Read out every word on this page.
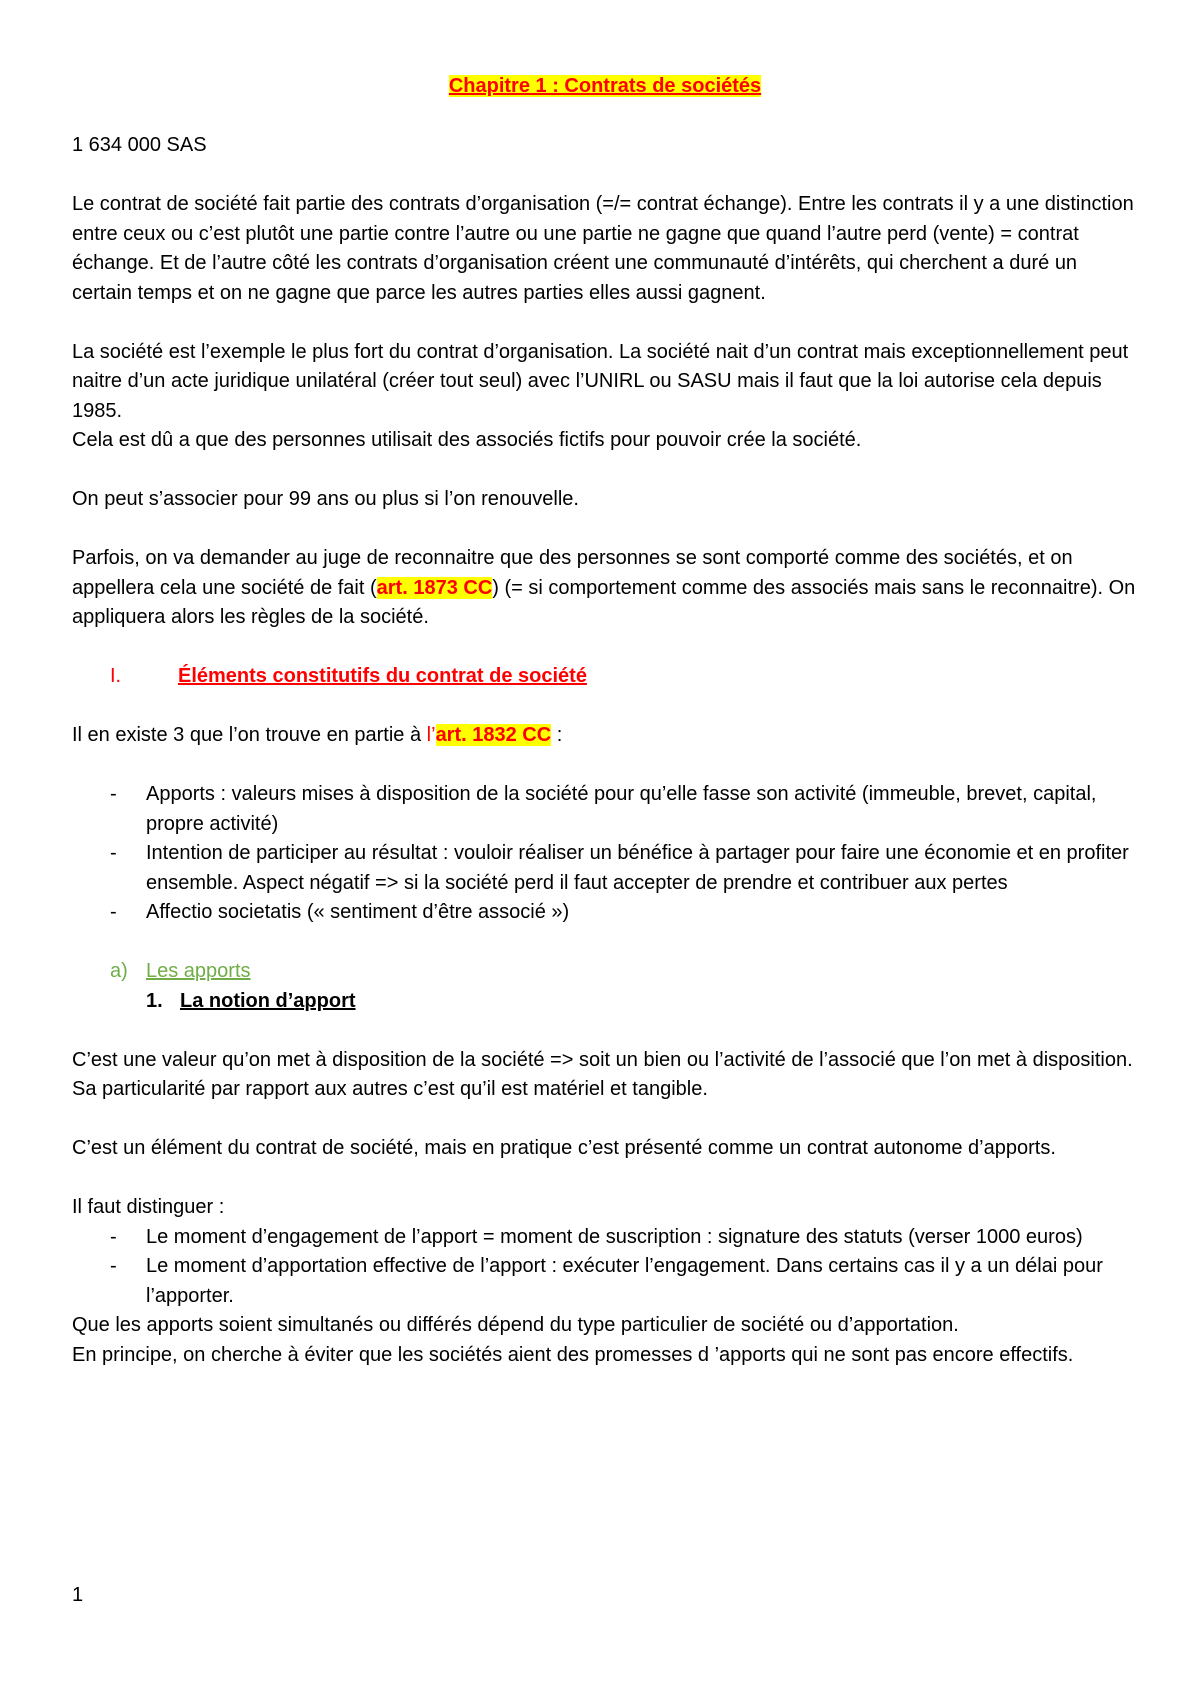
Chapitre 1 : Contrats de sociétés

1 634 000 SAS

Le contrat de société fait partie des contrats d’organisation (=/= contrat échange). Entre les contrats il y a une distinction entre ceux ou c’est plutôt une partie contre l’autre ou une partie ne gagne que quand l’autre perd (vente) = contrat échange. Et de l’autre côté les contrats d’organisation créent une communauté d’intérêts, qui cherchent a duré un certain temps et on ne gagne que parce les autres parties elles aussi gagnent.

La société est l’exemple le plus fort du contrat d’organisation. La société nait d’un contrat mais exceptionnellement peut naitre d’un acte juridique unilatéral (créer tout seul) avec l’UNIRL ou SASU mais il faut que la loi autorise cela depuis 1985.

Cela est dû a que des personnes utilisait des associés fictifs pour pouvoir crée la société.

On peut s’associer pour 99 ans ou plus si l’on renouvelle.

Parfois, on va demander au juge de reconnaitre que des personnes se sont comporté comme des sociétés, et on appellera cela une société de fait (art. 1873 CC) (= si comportement comme des associés mais sans le reconnaitre). On appliquera alors les règles de la société.

I.	Éléments constitutifs du contrat de société

Il en existe 3 que l’on trouve en partie à l’art. 1832 CC :

- Apports : valeurs mises à disposition de la société pour qu’elle fasse son activité (immeuble, brevet, capital, propre activité)
- Intention de participer au résultat : vouloir réaliser un bénéfice à partager pour faire une économie et en profiter ensemble. Aspect négatif => si la société perd il faut accepter de prendre et contribuer aux pertes
- Affectio societatis (« sentiment d’être associé »)

a) Les apports

1. La notion d’apport

C’est une valeur qu’on met à disposition de la société => soit un bien ou l’activité de l’associé que l’on met à disposition.

Sa particularité par rapport aux autres c’est qu’il est matériel et tangible.

C’est un élément du contrat de société, mais en pratique c’est présenté comme un contrat autonome d’apports.

Il faut distinguer :

- Le moment d’engagement de l’apport = moment de suscription : signature des statuts (verser 1000 euros)
- Le moment d’apportation effective de l’apport : exécuter l’engagement. Dans certains cas il y a un délai pour l’apporter.

Que les apports soient simultanés ou différés dépend du type particulier de société ou d’apportation.

En principe, on cherche à éviter que les sociétés aient des promesses d ’apports qui ne sont pas encore effectifs.

1
